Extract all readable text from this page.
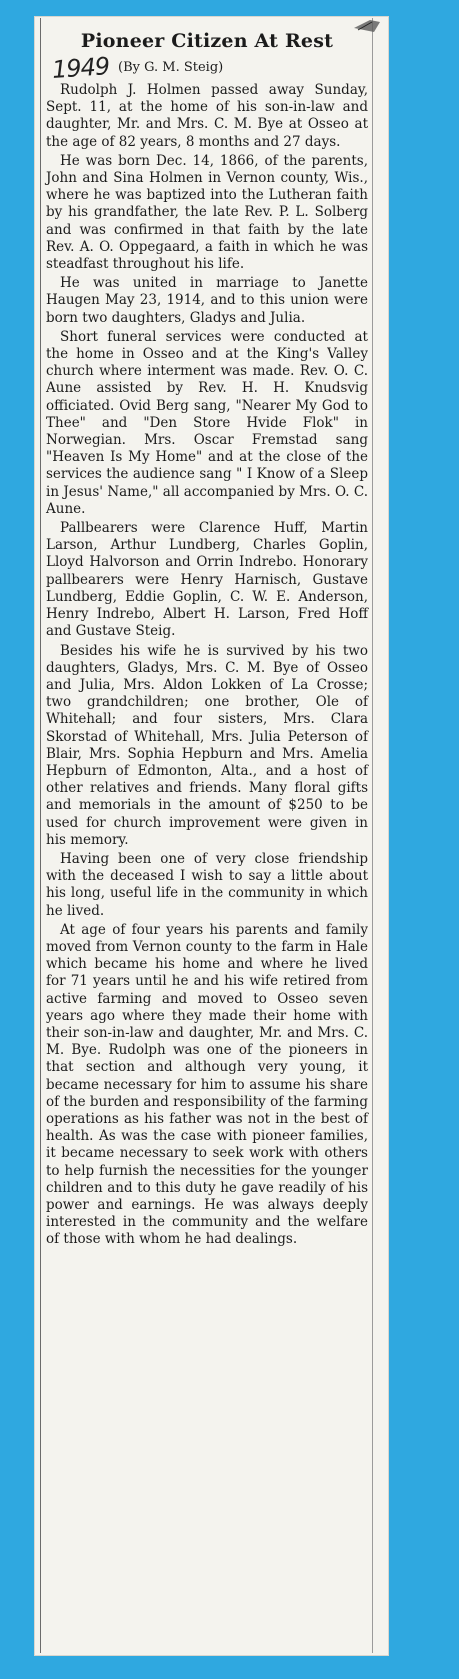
Pioneer Citizen At Rest
1949 (By G. M. Steig)

Rudolph J. Holmen passed away Sunday, Sept. 11, at the home of his son-in-law and daughter, Mr. and Mrs. C. M. Bye at Osseo at the age of 82 years, 8 months and 27 days.

He was born Dec. 14, 1866, of the parents, John and Sina Holmen in Vernon county, Wis., where he was baptized into the Lutheran faith by his grandfather, the late Rev. P. L. Solberg and was confirmed in that faith by the late Rev. A. O. Oppegaard, a faith in which he was steadfast throughout his life.

He was united in marriage to Janette Haugen May 23, 1914, and to this union were born two daughters, Gladys and Julia.

Short funeral services were conducted at the home in Osseo and at the King's Valley church where interment was made. Rev. O. C. Aune assisted by Rev. H. H. Knudsvig officiated. Ovid Berg sang, "Nearer My God to Thee" and "Den Store Hvide Flok" in Norwegian. Mrs. Oscar Fremstad sang "Heaven Is My Home" and at the close of the services the audience sang " I Know of a Sleep in Jesus' Name," all accompanied by Mrs. O. C. Aune.

Pallbearers were Clarence Huff, Martin Larson, Arthur Lundberg, Charles Goplin, Lloyd Halvorson and Orrin Indrebo. Honorary pallbearers were Henry Harnisch, Gustave Lundberg, Eddie Goplin, C. W. E. Anderson, Henry Indrebo, Albert H. Larson, Fred Hoff and Gustave Steig.

Besides his wife he is survived by his two daughters, Gladys, Mrs. C. M. Bye of Osseo and Julia, Mrs. Aldon Lokken of La Crosse; two grandchildren; one brother, Ole of Whitehall; and four sisters, Mrs. Clara Skorstad of Whitehall, Mrs. Julia Peterson of Blair, Mrs. Sophia Hepburn and Mrs. Amelia Hepburn of Edmonton, Alta., and a host of other relatives and friends. Many floral gifts and memorials in the amount of $250 to be used for church improvement were given in his memory.

Having been one of very close friendship with the deceased I wish to say a little about his long, useful life in the community in which he lived.

At age of four years his parents and family moved from Vernon county to the farm in Hale which became his home and where he lived for 71 years until he and his wife retired from active farming and moved to Osseo seven years ago where they made their home with their son-in-law and daughter, Mr. and Mrs. C. M. Bye. Rudolph was one of the pioneers in that section and although very young, it became necessary for him to assume his share of the burden and responsibility of the farming operations as his father was not in the best of health. As was the case with pioneer families, it became necessary to seek work with others to help furnish the necessities for the younger children and to this duty he gave readily of his power and earnings. He was always deeply interested in the community and the welfare of those with whom he had dealings.
